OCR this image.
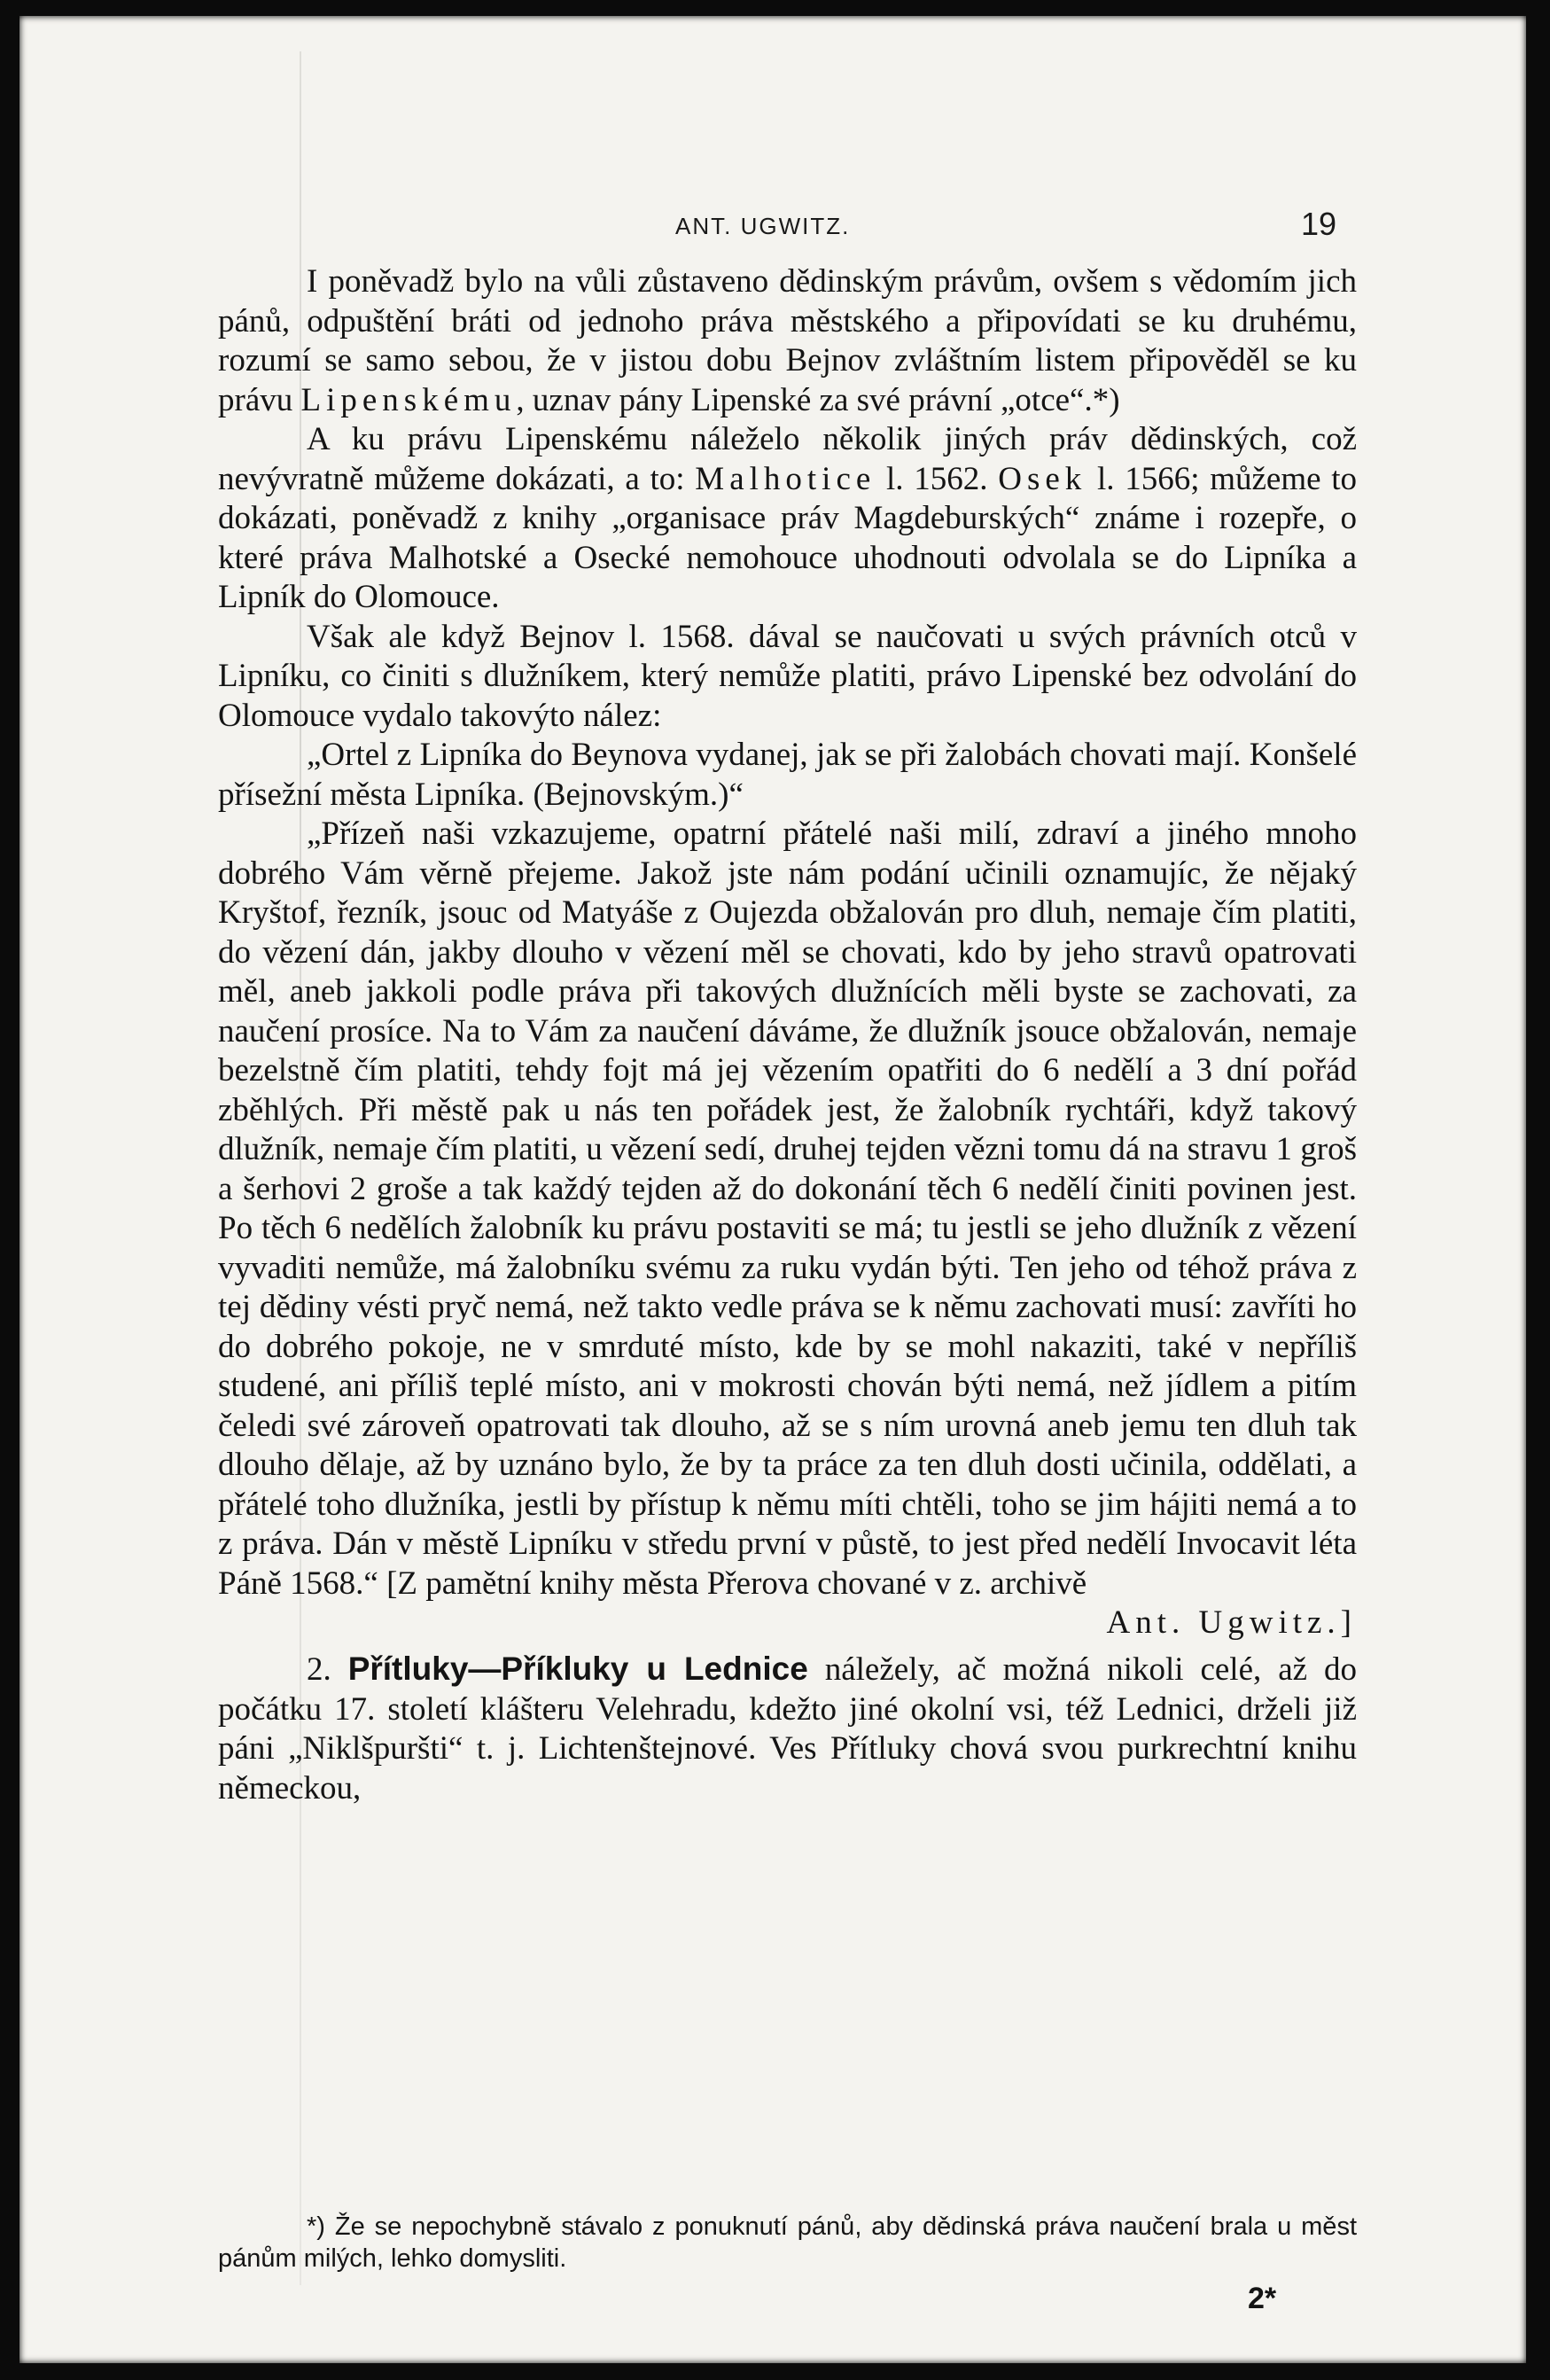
ANT. UGWITZ.	19

I poněvadž bylo na vůli zůstaveno dědinským právům, ovšem s vědomím jich pánů, odpuštění bráti od jednoho práva městského a připovídati se ku druhému, rozumí se samo sebou, že v jistou dobu Bejnov zvláštním listem připověděl se ku právu Lipenskému, uznav pány Lipenské za své právní „otce“.*)

A ku právu Lipenskému náleželo několik jiných práv dědinských, což nevývratně můžeme dokázati, a to: Malhotice l. 1562. Osek l. 1566; můžeme to dokázati, poněvadž z knihy „organisace práv Magdeburských“ známe i rozepře, o které práva Malhotské a Osecké nemohouce uhodnouti odvolala se do Lipníka a Lipník do Olomouce.

Však ale když Bejnov l. 1568. dával se naučovati u svých právních otců v Lipníku, co činiti s dlužníkem, který nemůže platiti, právo Lipenské bez odvolání do Olomouce vydalo takovýto nález:

„Ortel z Lipníka do Beynova vydanej, jak se při žalobách chovati mají. Konšelé přísežní města Lipníka. (Bejnovským.)“

„Přízeň naši vzkazujeme, opatrní přátelé naši milí, zdraví a jiného mnoho dobrého Vám věrně přejeme. Jakož jste nám podání učinili oznamujíc, že nějaký Kryštof, řezník, jsouc od Matyáše z Oujezda obžalován pro dluh, nemaje čím platiti, do vězení dán, jakby dlouho v vězení měl se chovati, kdo by jeho stravů opatrovati měl, aneb jakkoli podle práva při takových dlužnících měli byste se zachovati, za naučení prosíce. Na to Vám za naučení dáváme, že dlužník jsouce obžalován, nemaje bezelstně čím platiti, tehdy fojt má jej vězením opatřiti do 6 nedělí a 3 dní pořád zběhlých. Při městě pak u nás ten pořádek jest, že žalobník rychtáři, když takový dlužník, nemaje čím platiti, u vězení sedí, druhej tejden vězni tomu dá na stravu 1 groš a šerhovi 2 groše a tak každý tejden až do dokonání těch 6 nedělí činiti povinen jest. Po těch 6 nedělích žalobník ku právu postaviti se má; tu jestli se jeho dlužník z vězení vyvaditi nemůže, má žalobníku svému za ruku vydán býti. Ten jeho od téhož práva z tej dědiny vésti pryč nemá, než takto vedle práva se k němu zachovati musí: zavříti ho do dobrého pokoje, ne v smrduté místo, kde by se mohl nakaziti, také v nepříliš studené, ani příliš teplé místo, ani v mokrosti chován býti nemá, než jídlem a pitím čeledi své zároveň opatrovati tak dlouho, až se s ním urovná aneb jemu ten dluh tak dlouho dělaje, až by uznáno bylo, že by ta práce za ten dluh dosti učinila, oddělati, a přátelé toho dlužníka, jestli by přístup k němu míti chtěli, toho se jim hájiti nemá a to z práva. Dán v městě Lipníku v středu první v půstě, to jest před nedělí Invocavit léta Páně 1568.“ [Z pamětní knihy města Přerova chované v z. archivě
Ant. Ugwitz.]

2. Přítluky—Příkluky u Lednice náležely, ač možná nikoli celé, až do počátku 17. století klášteru Velehradu, kdežto jiné okolní vsi, též Lednici, drželi již páni „Niklšpuršti“ t. j. Lichtenštejnové. Ves Přítluky chová svou purkrechtní knihu německou,

*) Že se nepochybně stávalo z ponuknutí pánů, aby dědinská práva naučení brala u měst pánům milých, lehko domysliti.

2*
